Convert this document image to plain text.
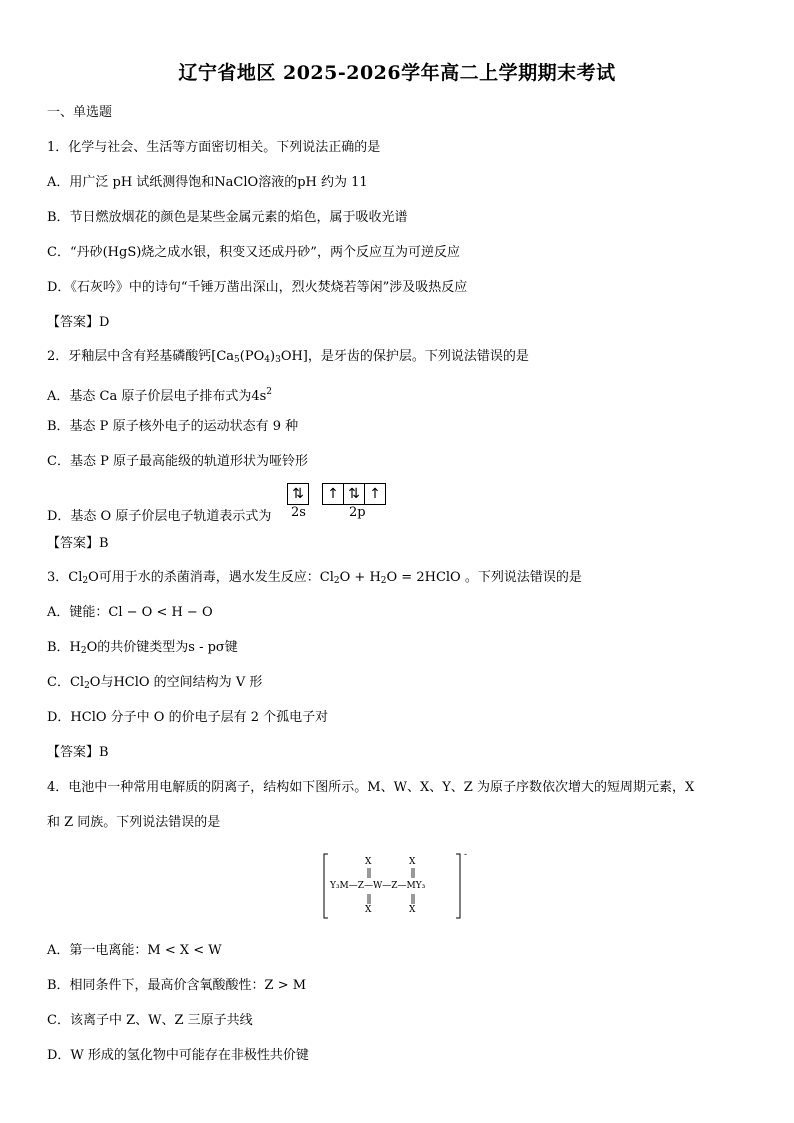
辽宁省地区 2025-2026学年高二上学期期末考试
一、单选题
1．化学与社会、生活等方面密切相关。下列说法正确的是
A．用广泛 pH 试纸测得饱和NaClO溶液的pH 约为 11
B．节日燃放烟花的颜色是某些金属元素的焰色，属于吸收光谱
C．“丹砂(HgS)烧之成水银，积变又还成丹砂”，两个反应互为可逆反应
D．《石灰吟》中的诗句“千锤万凿出深山，烈火焚烧若等闲”涉及吸热反应
【答案】D
2．牙釉层中含有羟基磷酸钙$[Ca_5(PO_4)_3OH]$，是牙齿的保护层。下列说法错误的是
A．基态 Ca 原子价层电子排布式为$4s^2$
B．基态 P 原子核外电子的运动状态有 9 种
C．基态 P 原子最高能级的轨道形状为哑铃形
D．基态 O 原子价层电子轨道表示式为
⇅ ↑ ⇅ ↑
2s	2p
【答案】B
3．$Cl_2O$可用于水的杀菌消毒，遇水发生反应：$Cl_2O + H_2O$ = 2HClO 。下列说法错误的是
A．键能：Cl − O < H − O
B．$H_2O$的共价键类型为s - pσ键
C．$Cl_2O$与HClO 的空间结构为 V 形
D．HClO 分子中 O 的价电子层有 2 个孤电子对
【答案】B
4．电池中一种常用电解质的阴离子，结构如下图所示。M、W、X、Y、Z 为原子序数依次增大的短周期元素，X
和 Z 同族。下列说法错误的是
X	X
Y₃M—Z—W—Z—MY₃
X	X
-
A．第一电离能：M < X < W
B．相同条件下，最高价含氧酸酸性：Z > M
C．该离子中 Z、W、Z 三原子共线
D．W 形成的氢化物中可能存在非极性共价键
